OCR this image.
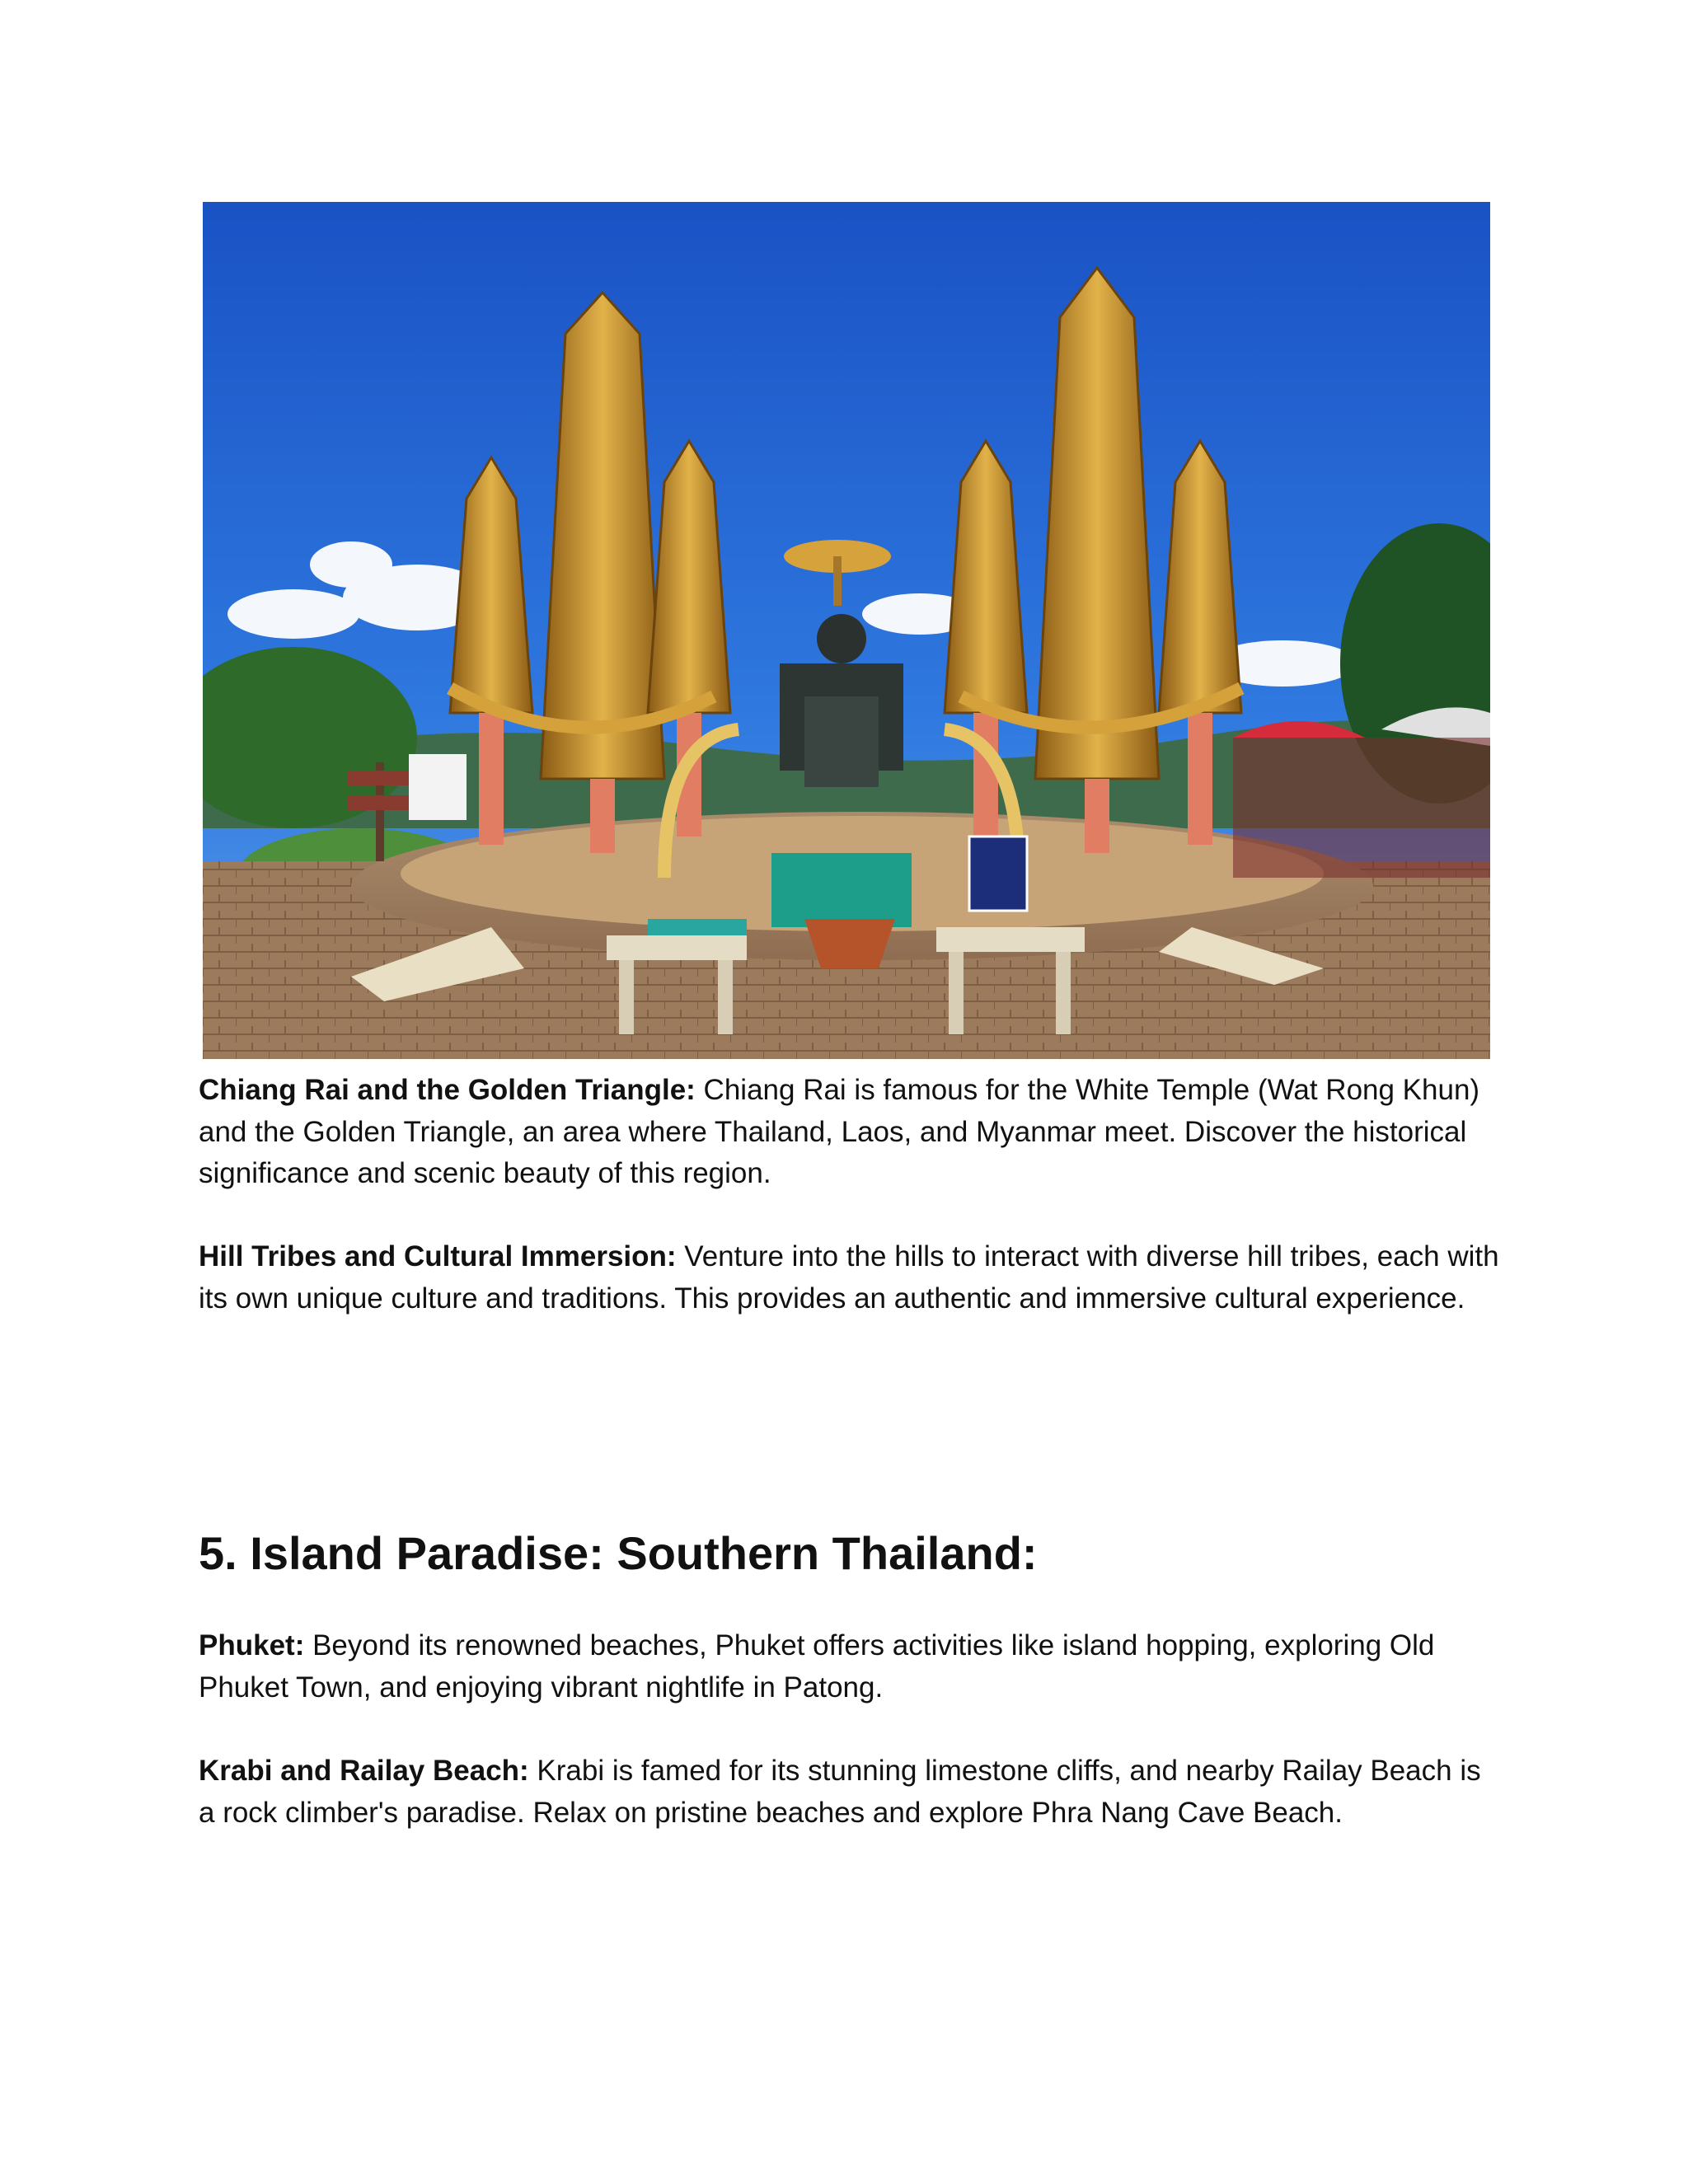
Chiang Rai and the Golden Triangle: Chiang Rai is famous for the White Temple (Wat Rong Khun) and the Golden Triangle, an area where Thailand, Laos, and Myanmar meet. Discover the historical significance and scenic beauty of this region.

Hill Tribes and Cultural Immersion: Venture into the hills to interact with diverse hill tribes, each with its own unique culture and traditions. This provides an authentic and immersive cultural experience.

5. Island Paradise: Southern Thailand:

Phuket: Beyond its renowned beaches, Phuket offers activities like island hopping, exploring Old Phuket Town, and enjoying vibrant nightlife in Patong.

Krabi and Railay Beach: Krabi is famed for its stunning limestone cliffs, and nearby Railay Beach is a rock climber's paradise. Relax on pristine beaches and explore Phra Nang Cave Beach.
